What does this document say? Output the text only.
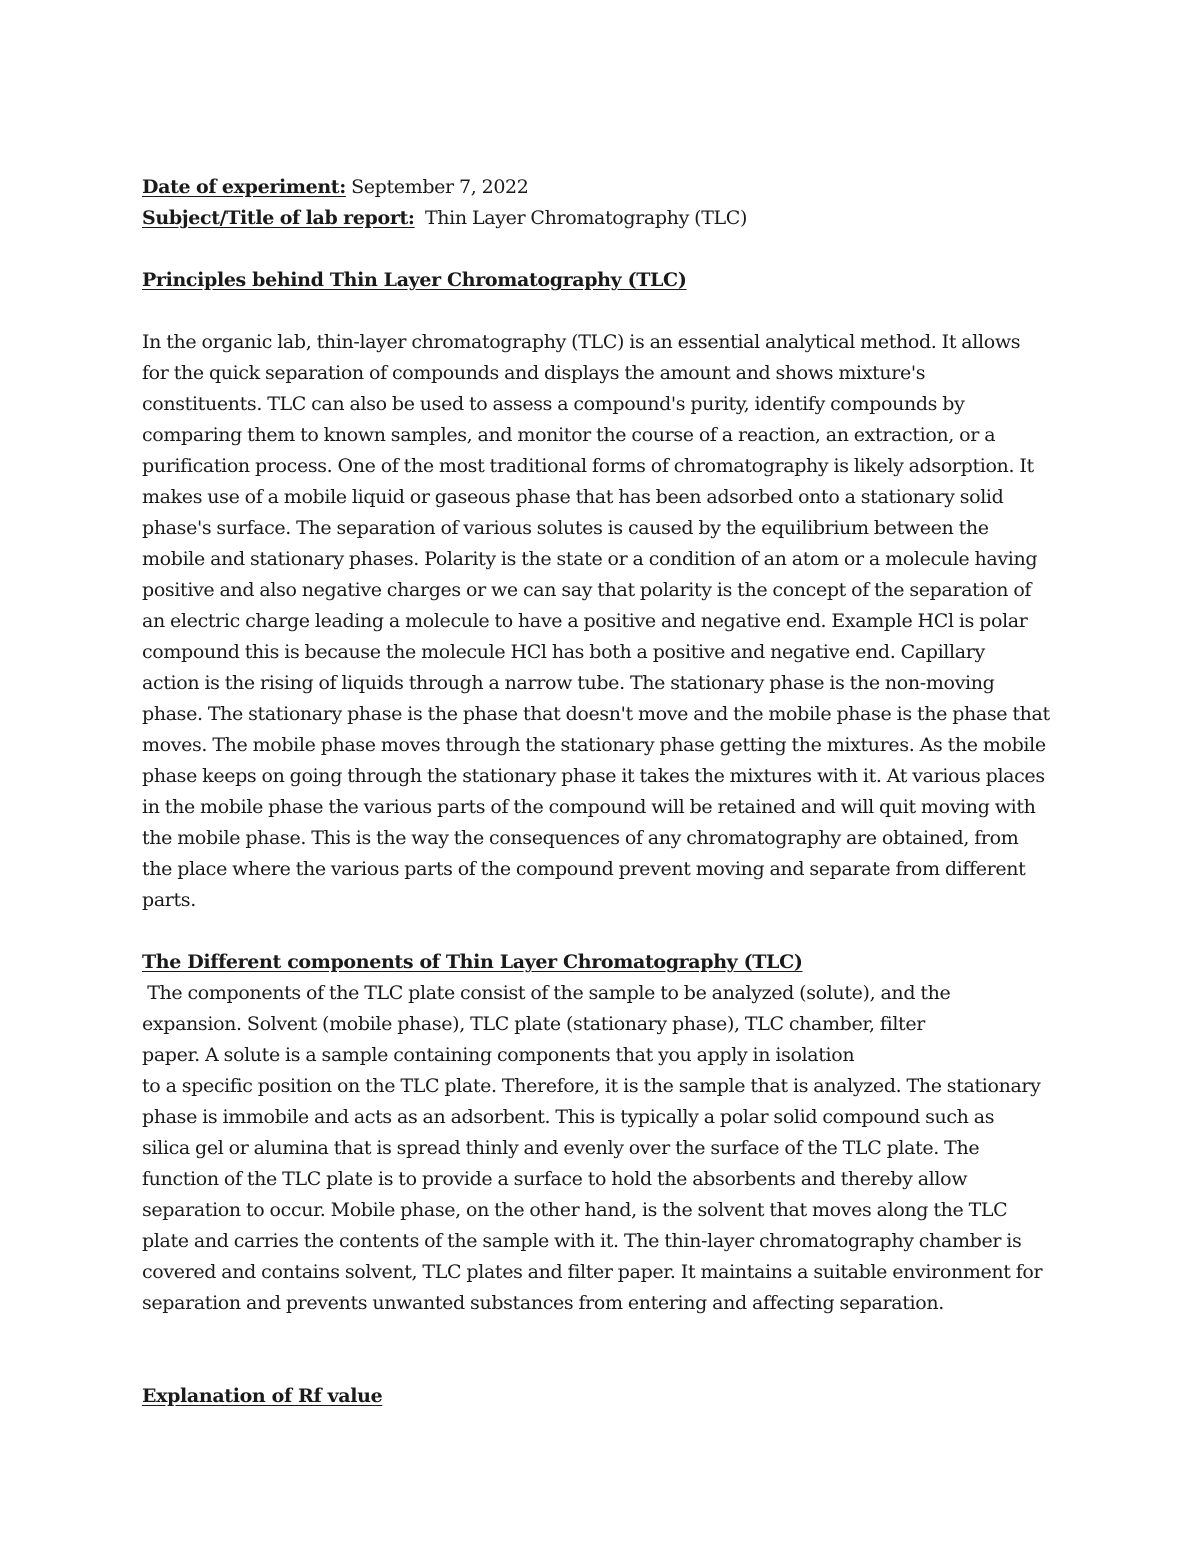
Date of experiment: September 7, 2022
Subject/Title of lab report: Thin Layer Chromatography (TLC)
Principles behind Thin Layer Chromatography (TLC)
In the organic lab, thin-layer chromatography (TLC) is an essential analytical method. It allows
for the quick separation of compounds and displays the amount and shows mixture's
constituents. TLC can also be used to assess a compound's purity, identify compounds by
comparing them to known samples, and monitor the course of a reaction, an extraction, or a
purification process. One of the most traditional forms of chromatography is likely adsorption. It
makes use of a mobile liquid or gaseous phase that has been adsorbed onto a stationary solid
phase's surface. The separation of various solutes is caused by the equilibrium between the
mobile and stationary phases. Polarity is the state or a condition of an atom or a molecule having
positive and also negative charges or we can say that polarity is the concept of the separation of
an electric charge leading a molecule to have a positive and negative end. Example HCl is polar
compound this is because the molecule HCl has both a positive and negative end. Capillary
action is the rising of liquids through a narrow tube. The stationary phase is the non-moving
phase. The stationary phase is the phase that doesn't move and the mobile phase is the phase that
moves. The mobile phase moves through the stationary phase getting the mixtures. As the mobile
phase keeps on going through the stationary phase it takes the mixtures with it. At various places
in the mobile phase the various parts of the compound will be retained and will quit moving with
the mobile phase. This is the way the consequences of any chromatography are obtained, from
the place where the various parts of the compound prevent moving and separate from different
parts.
The Different components of Thin Layer Chromatography (TLC)
The components of the TLC plate consist of the sample to be analyzed (solute), and the
expansion. Solvent (mobile phase), TLC plate (stationary phase), TLC chamber, filter
paper. A solute is a sample containing components that you apply in isolation
to a specific position on the TLC plate. Therefore, it is the sample that is analyzed. The stationary
phase is immobile and acts as an adsorbent. This is typically a polar solid compound such as
silica gel or alumina that is spread thinly and evenly over the surface of the TLC plate. The
function of the TLC plate is to provide a surface to hold the absorbents and thereby allow
separation to occur. Mobile phase, on the other hand, is the solvent that moves along the TLC
plate and carries the contents of the sample with it. The thin-layer chromatography chamber is
covered and contains solvent, TLC plates and filter paper. It maintains a suitable environment for
separation and prevents unwanted substances from entering and affecting separation.
Explanation of Rf value
